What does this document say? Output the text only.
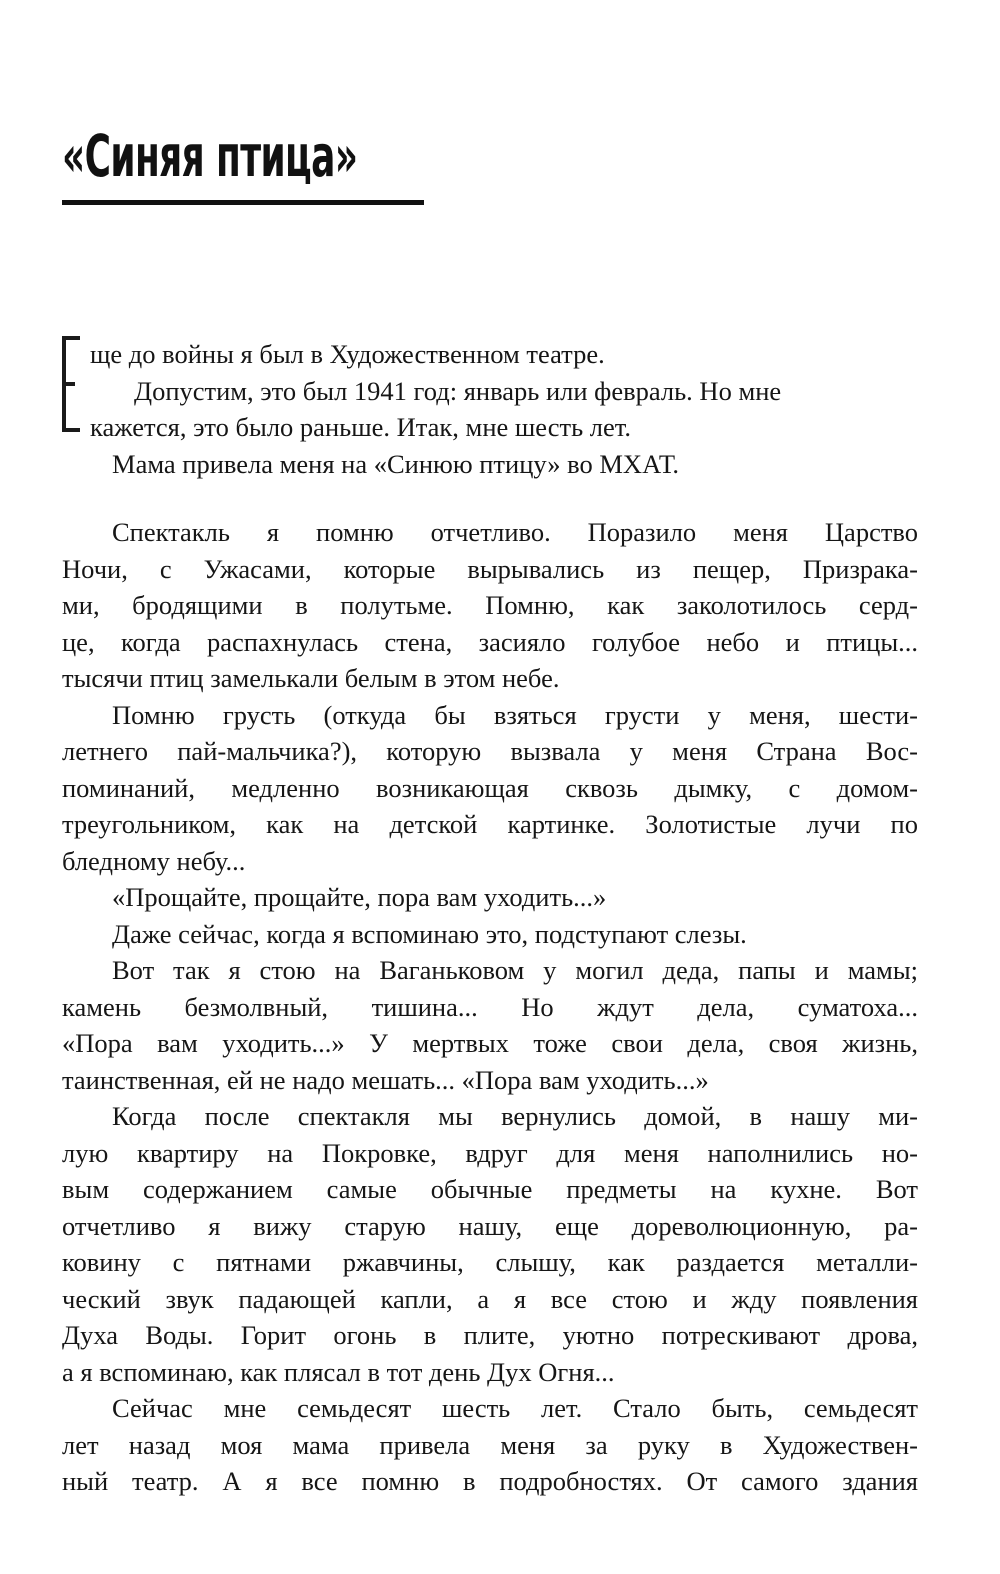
«Синяя птица»
ще до войны я был в Художественном театре.
Допустим, это был 1941 год: январь или февраль. Но мне
кажется, это было раньше. Итак, мне шесть лет.
Мама привела меня на «Синюю птицу» во МХАТ.
Спектакль я помню отчетливо. Поразило меня Царство
Ночи, с Ужасами, которые вырывались из пещер, Призрака-
ми, бродящими в полутьме. Помню, как заколотилось серд-
це, когда распахнулась стена, засияло голубое небо и птицы...
тысячи птиц замелькали белым в этом небе.
Помню грусть (откуда бы взяться грусти у меня, шести-
летнего пай-мальчика?), которую вызвала у меня Страна Вос-
поминаний, медленно возникающая сквозь дымку, с домом-
треугольником, как на детской картинке. Золотистые лучи по
бледному небу...
«Прощайте, прощайте, пора вам уходить...»
Даже сейчас, когда я вспоминаю это, подступают слезы.
Вот так я стою на Ваганьковом у могил деда, папы и мамы;
камень безмолвный, тишина... Но ждут дела, суматоха...
«Пора вам уходить...» У мертвых тоже свои дела, своя жизнь,
таинственная, ей не надо мешать... «Пора вам уходить...»
Когда после спектакля мы вернулись домой, в нашу ми-
лую квартиру на Покровке, вдруг для меня наполнились но-
вым содержанием самые обычные предметы на кухне. Вот
отчетливо я вижу старую нашу, еще дореволюционную, ра-
ковину с пятнами ржавчины, слышу, как раздается металли-
ческий звук падающей капли, а я все стою и жду появления
Духа Воды. Горит огонь в плите, уютно потрескивают дрова,
а я вспоминаю, как плясал в тот день Дух Огня...
Сейчас мне семьдесят шесть лет. Стало быть, семьдесят
лет назад моя мама привела меня за руку в Художествен-
ный театр. А я все помню в подробностях. От самого здания
